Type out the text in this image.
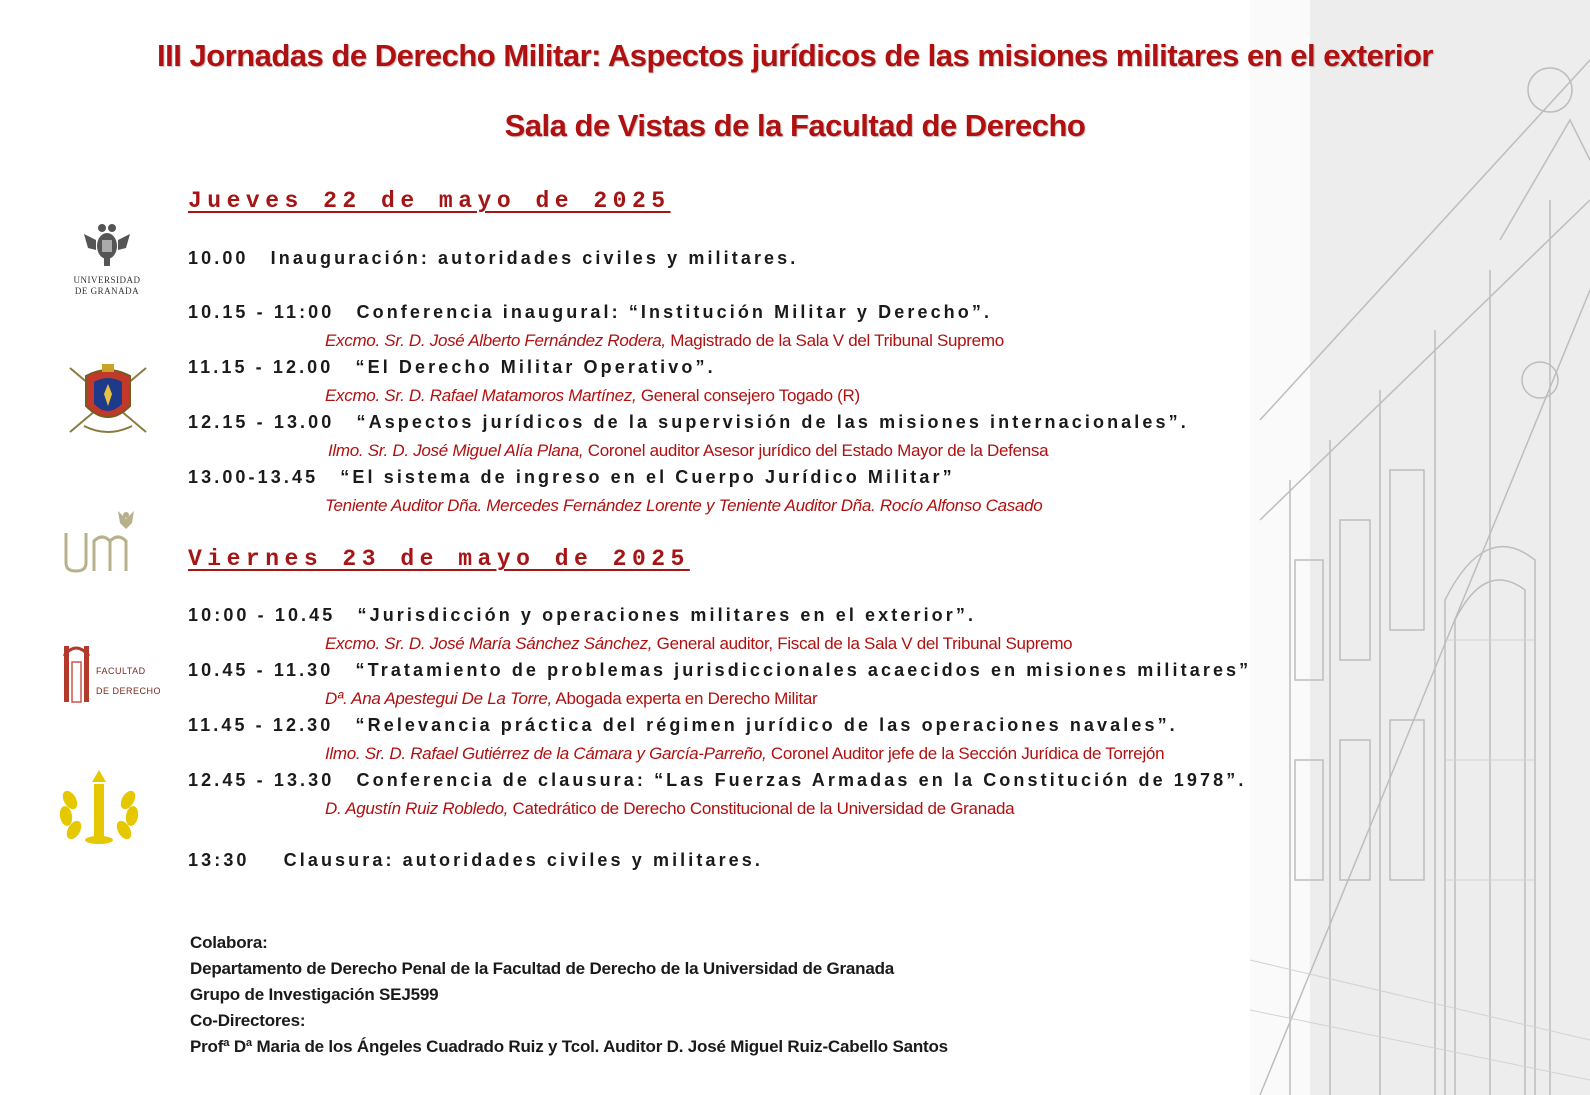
III Jornadas de Derecho Militar: Aspectos jurídicos de las misiones militares en el exterior
Sala de Vistas de la Facultad de Derecho
UNIVERSIDAD
DE GRANADA
FACULTAD
DE DERECHO
Jueves 22 de mayo de 2025
10.00 Inauguración: autoridades civiles y militares.
10.15 - 11:00 Conferencia inaugural: “Institución Militar y Derecho”.
Excmo. Sr. D. José Alberto Fernández Rodera, Magistrado de la Sala V del Tribunal Supremo
11.15 - 12.00 “El Derecho Militar Operativo”.
Excmo. Sr. D. Rafael Matamoros Martínez, General consejero Togado (R)
12.15 - 13.00 “Aspectos jurídicos de la supervisión de las misiones internacionales”.
Ilmo. Sr. D. José Miguel Alía Plana, Coronel auditor Asesor jurídico del Estado Mayor de la Defensa
13.00-13.45 “El sistema de ingreso en el Cuerpo Jurídico Militar”
Teniente Auditor Dña. Mercedes Fernández Lorente y Teniente Auditor Dña. Rocío Alfonso Casado
Viernes 23 de mayo de 2025
10:00 - 10.45 “Jurisdicción y operaciones militares en el exterior”.
Excmo. Sr. D. José María Sánchez Sánchez, General auditor, Fiscal de la Sala V del Tribunal Supremo
10.45 - 11.30 “Tratamiento de problemas jurisdiccionales acaecidos en misiones militares”
Dª. Ana Apestegui De La Torre, Abogada experta en Derecho Militar
11.45 - 12.30 “Relevancia práctica del régimen jurídico de las operaciones navales”.
Ilmo. Sr. D. Rafael Gutiérrez de la Cámara y García-Parreño, Coronel Auditor jefe de la Sección Jurídica de Torrejón
12.45 - 13.30 Conferencia de clausura: “Las Fuerzas Armadas en la Constitución de 1978”.
D. Agustín Ruiz Robledo, Catedrático de Derecho Constitucional de la Universidad de Granada
13:30 Clausura: autoridades civiles y militares.
Colabora:
Departamento de Derecho Penal de la Facultad de Derecho de la Universidad de Granada
Grupo de Investigación SEJ599
Co-Directores:
Profª Dª Maria de los Ángeles Cuadrado Ruiz y Tcol. Auditor D. José Miguel Ruiz-Cabello Santos
